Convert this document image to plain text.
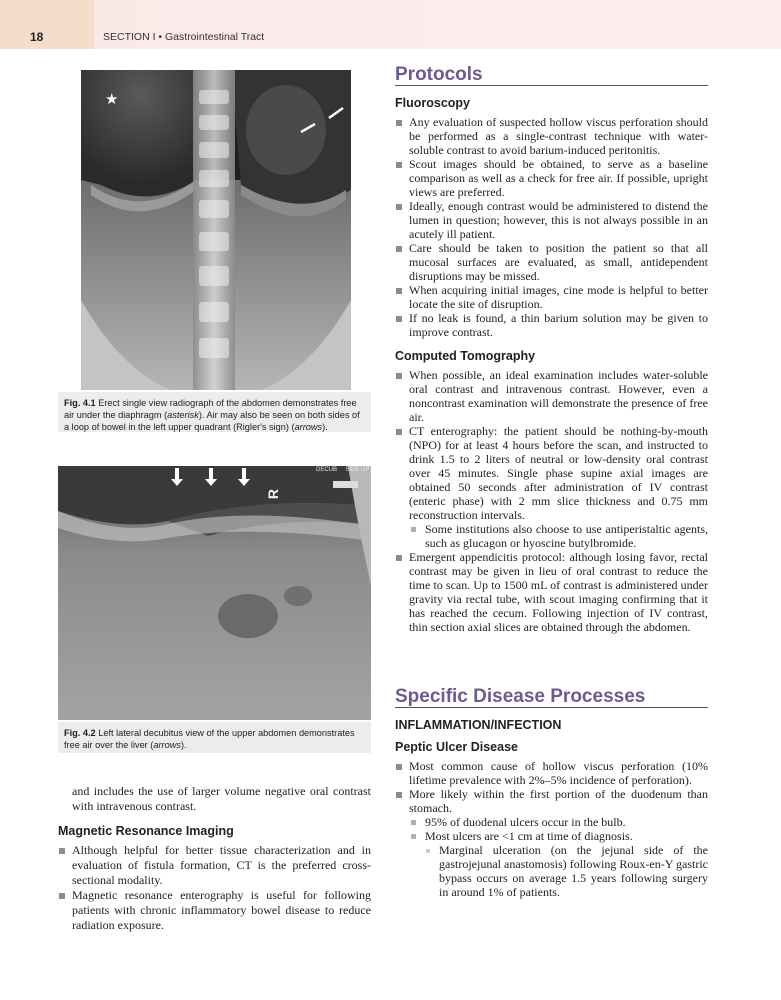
18	SECTION I • Gastrointestinal Tract
★
Fig. 4.1 Erect single view radiograph of the abdomen demonstrates free air under the diaphragm (asterisk). Air may also be seen on both sides of a loop of bowel in the left upper quadrant (Rigler's sign) (arrows).
R
DECUB     SIDE UP
Fig. 4.2 Left lateral decubitus view of the upper abdomen demonstrates free air over the liver (arrows).

and includes the use of larger volume negative oral contrast with intravenous contrast.

Magnetic Resonance Imaging
Although helpful for better tissue characterization and in evaluation of fistula formation, CT is the preferred cross-sectional modality.
Magnetic resonance enterography is useful for following patients with chronic inflammatory bowel disease to reduce radiation exposure.
Protocols
Fluoroscopy
Any evaluation of suspected hollow viscus perforation should be performed as a single-contrast technique with water-soluble contrast to avoid barium-induced peritonitis.
Scout images should be obtained, to serve as a baseline comparison as well as a check for free air. If possible, upright views are preferred.
Ideally, enough contrast would be administered to distend the lumen in question; however, this is not always possible in an acutely ill patient.
Care should be taken to position the patient so that all mucosal surfaces are evaluated, as small, antidependent disruptions may be missed.
When acquiring initial images, cine mode is helpful to better locate the site of disruption.
If no leak is found, a thin barium solution may be given to improve contrast.
Computed Tomography
When possible, an ideal examination includes water-soluble oral contrast and intravenous contrast. However, even a noncontrast examination will demonstrate the presence of free air.
CT enterography: the patient should be nothing-by-mouth (NPO) for at least 4 hours before the scan, and instructed to drink 1.5 to 2 liters of neutral or low-density oral contrast over 45 minutes. Single phase supine axial images are obtained 50 seconds after administration of IV contrast (enteric phase) with 2 mm slice thickness and 0.75 mm reconstruction intervals.
Some institutions also choose to use antiperistaltic agents, such as glucagon or hyoscine butylbromide.
Emergent appendicitis protocol: although losing favor, rectal contrast may be given in lieu of oral contrast to reduce the time to scan. Up to 1500 mL of contrast is administered under gravity via rectal tube, with scout imaging confirming that it has reached the cecum. Following injection of IV contrast, thin section axial slices are obtained through the abdomen.
Specific Disease Processes
INFLAMMATION/INFECTION
Peptic Ulcer Disease
Most common cause of hollow viscus perforation (10% lifetime prevalence with 2%–5% incidence of perforation).
More likely within the first portion of the duodenum than stomach.
95% of duodenal ulcers occur in the bulb.
Most ulcers are <1 cm at time of diagnosis.
Marginal ulceration (on the jejunal side of the gastrojejunal anastomosis) following Roux-en-Y gastric bypass occurs on average 1.5 years following surgery in around 1% of patients.
